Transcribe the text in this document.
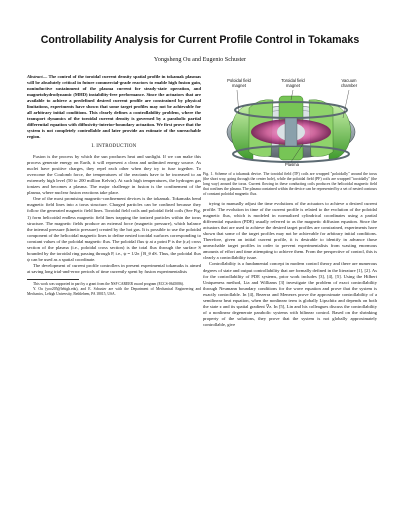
Controllability Analysis for Current Profile Control in Tokamaks
Yongsheng Ou and Eugenio Schuster

Abstract— The control of the toroidal current density spatial profile in tokamak plasmas will be absolutely critical in future commercial-grade reactors to enable high fusion gain, noninductive sustainment of the plasma current for steady-state operation, and magnetohydrodynamic (MHD) instability-free performance. Since the actuators that are available to achieve a predefined desired current profile are constrained by physical limitations, experiments have shown that some target profiles may not be achievable for all arbitrary initial conditions. This clearly defines a controllability problem, where the transport dynamics of the toroidal current density is governed by a parabolic partial differential equation with diffusivity-interior-boundary actuation. We first prove that the system is not completely controllable and later provide an estimate of the unreachable region.

I. INTRODUCTION

Fusion is the process by which the sun produces heat and sunlight. If we can make this process generate energy on Earth, it will represent a clean and unlimited energy source. As nuclei have positive charges, they repel each other when they try to fuse together. To overcome the Coulomb force, the temperatures of the reactants have to be increased to an extremely high level (50 to 200 million Kelvin). At such high temperatures, the hydrogen gas ionizes and becomes a plasma. The major challenge in fusion is the confinement of the plasma, where nuclear fusion reactions take place.

One of the most promising magnetic-confinement devices is the tokamak. Tokamaks bend magnetic field lines into a torus structure. Charged particles can be confined because they follow the generated magnetic field lines. Toroidal field coils and poloidal field coils (See Fig. 1) form helicoidal endless magnetic field lines trapping the ionized particles within the torus structure. The magnetic fields produce an external force (magnetic pressure), which balance the internal pressure (kinetic pressure) created by the hot gas. It is possible to use the poloidal component of the helicoidal magnetic lines to define nested toroidal surfaces corresponding to constant values of the poloidal magnetic flux. The poloidal flux ψ at a point P is the (r,z) cross section of the plasma (i.e., poloidal cross section) is the total flux through the surface S bounded by the toroidal ring passing through P, i.e., ψ = 1/2π ∫ B_θ dS. Thus, the poloidal flux ψ can be used as a spatial coordinate.

The development of current profile controllers in present experimental tokamaks is aimed at saving long trial-and-error periods of time currently spent by fusion experimentalists

This work was supported in part by a grant from the NSF CAREER award program (ECCS-0645086).

Y. Ou (yoo205@lehigh.edu), and E. Schuster are with the Department of Mechanical Engineering and Mechanics, Lehigh University, Bethlehem, PA 18015, USA.

Poloidal field
magnet
Toroidal field
magnet
Vacuum
chamber
Plasma

Fig. 1. Scheme of a tokamak device. The toroidal field (TF) coils are wrapped "poloidally" around the torus (the short way, going through the center hole), while the poloidal field (PF) coils are wrapped "toroidally" (the long way) around the torus. Current flowing in these conducting coils produces the helicoidal magnetic field that confines the plasma. The plasma contained within the device can be represented by a set of nested contours of constant poloidal magnetic flux.

trying to manually adjust the time evolutions of the actuators to achieve a desired current profile. The evolution in time of the current profile is related to the evolution of the poloidal magnetic flux, which is modeled in normalized cylindrical coordinates using a partial differential equation (PDE) usually referred to as the magnetic diffusion equation. Since the actuators that are used to achieve the desired target profiles are constrained, experiments have shown that some of the target profiles may not be achievable for arbitrary initial conditions. Therefore, given an initial current profile, it is desirable to identify in advance those unreachable target profiles in order to prevent experimentalists from wasting enormous amounts of effort and time attempting to achieve them. From the perspective of control, this is clearly a controllability issue.

Controllability is a fundamental concept in modern control theory and there are numerous degrees of state and output controllability that are formally defined in the literature [1], [2]. As for the controllability of PDE systems, prior work includes [3], [4], [5]. Using the Hilbert Uniqueness method, Lia and Williams [3] investigate the problem of exact controllability through Neumann boundary conditions for the wave equation and prove that the system is exactly controllable. In [4], Bezerra and Menezes prove the approximate controllability of a semilinear heat equation, when the nonlinear term is globally Lipschitz and depends on both the state z and its spatial gradient ∇z. In [5], Lin and his colleagues discuss the controllability of a nonlinear degenerate parabolic systems with bilinear control. Based on the shrinking property of the solutions, they prove that the system is not globally approximately controllable, give
